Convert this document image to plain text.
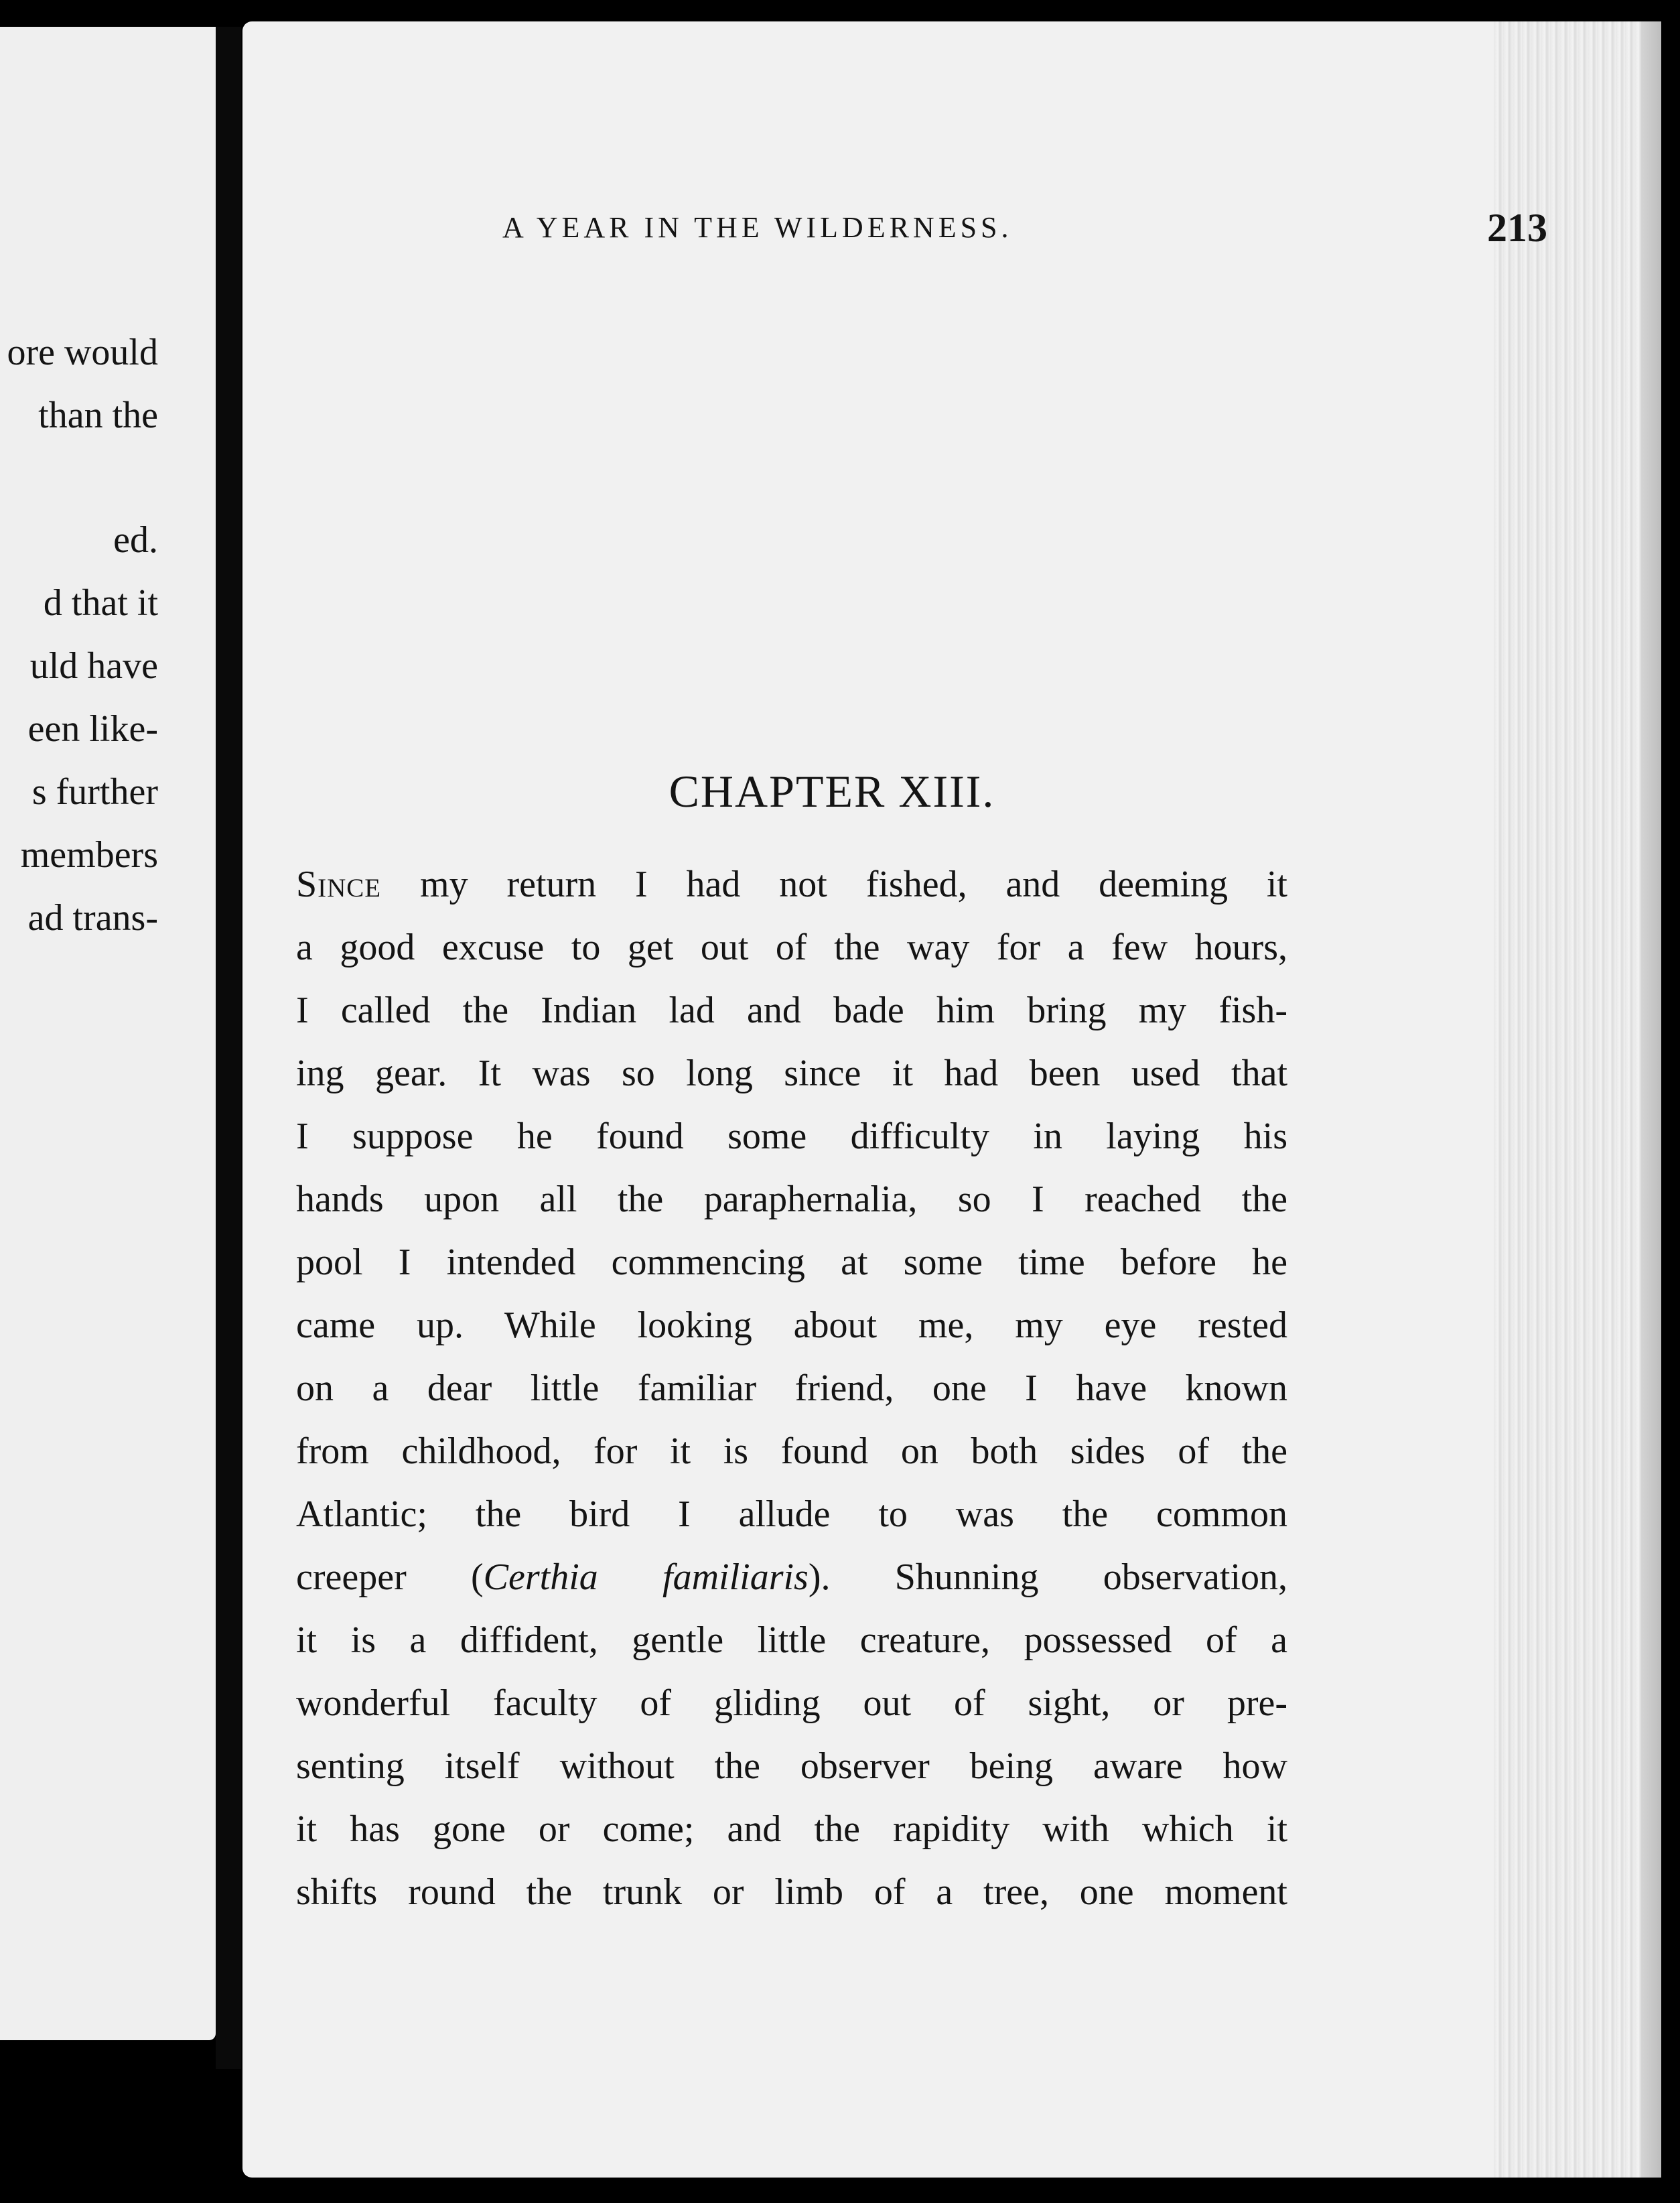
ore would
than the
ed.
d that it
uld have
een like-
s further
members
ad trans-
A YEAR IN THE WILDERNESS.	213
CHAPTER XIII.
Since my return I had not fished, and deeming it
a good excuse to get out of the way for a few hours,
I called the Indian lad and bade him bring my fish-
ing gear. It was so long since it had been used that
I suppose he found some difficulty in laying his
hands upon all the paraphernalia, so I reached the
pool I intended commencing at some time before he
came up. While looking about me, my eye rested
on a dear little familiar friend, one I have known
from childhood, for it is found on both sides of the
Atlantic; the bird I allude to was the common
creeper (Certhia familiaris). Shunning observation,
it is a diffident, gentle little creature, possessed of a
wonderful faculty of gliding out of sight, or pre-
senting itself without the observer being aware how
it has gone or come; and the rapidity with which it
shifts round the trunk or limb of a tree, one moment
